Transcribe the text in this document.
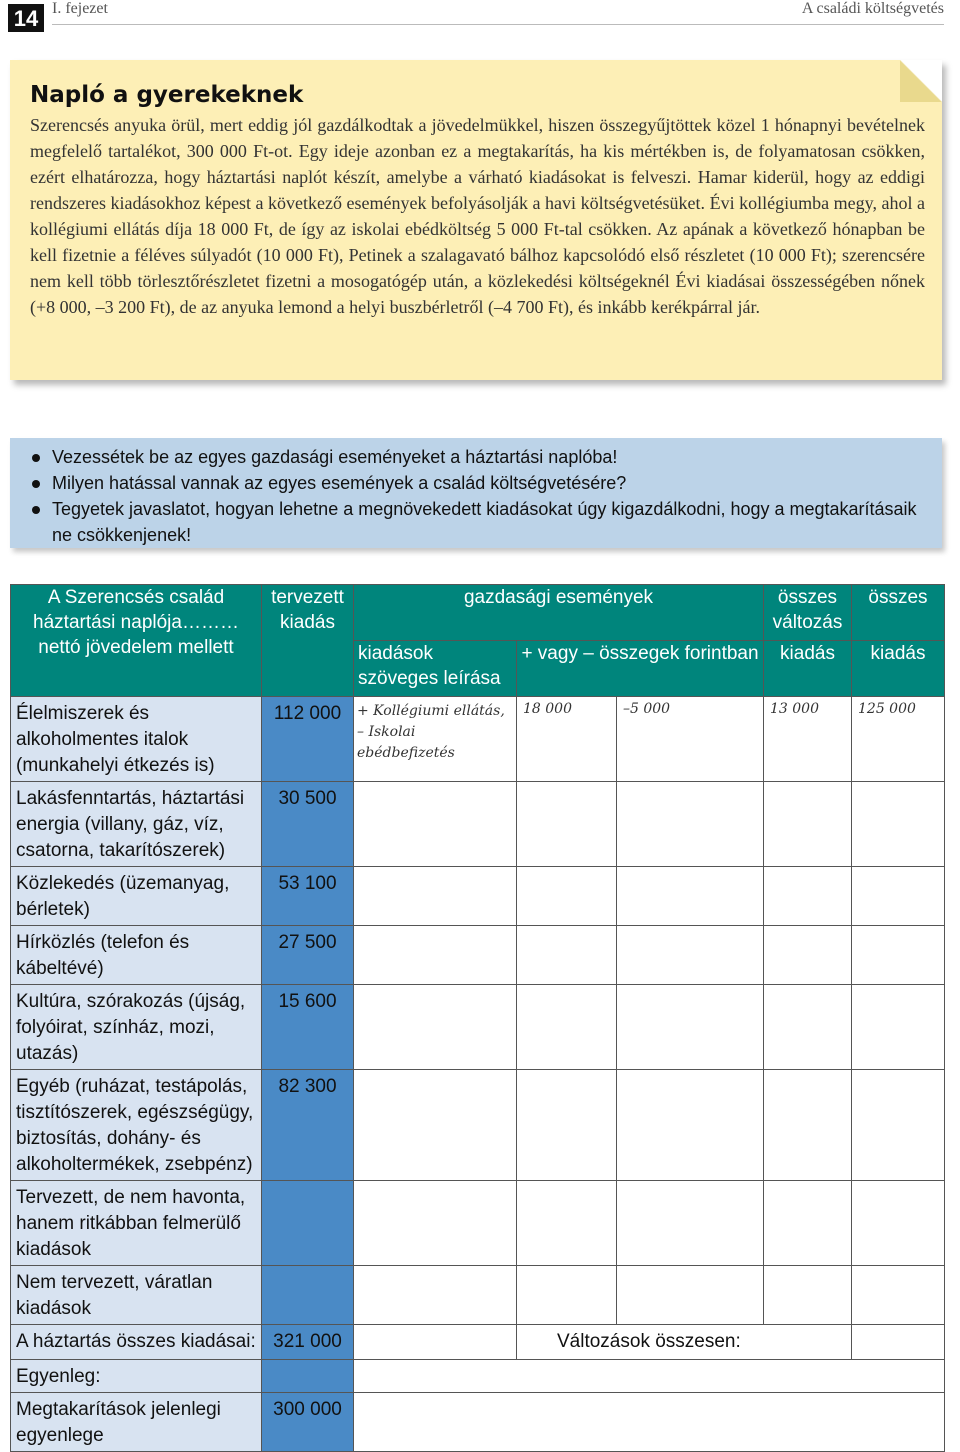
14 I. fejezet	A családi költségvetés
Napló a gyerekeknek
Szerencsés anyuka örül, mert eddig jól gazdálkodtak a jövedelmükkel, hiszen összegyűjtöttek közel 1 hónapnyi bevételnek megfelelő tartalékot, 300 000 Ft-ot. Egy ideje azonban ez a megtakarítás, ha kis mértékben is, de folyamatosan csökken, ezért elhatározza, hogy háztartási naplót készít, amelybe a várható kiadásokat is felveszi. Hamar kiderül, hogy az eddigi rendszeres kiadásokhoz képest a következő események befolyásolják a havi költségvetésüket. Évi kollégiumba megy, ahol a kollégiumi ellátás díja 18 000 Ft, de így az iskolai ebédköltség 5 000 Ft-tal csökken. Az apának a következő hónapban be kell fizetnie a féléves súlyadót (10 000 Ft), Petinek a szalagavató bálhoz kapcsolódó első részletet (10 000 Ft); szerencsére nem kell több törlesztőrészletet fizetni a mosogatógép után, a közlekedési költségeknél Évi kiadásai összességében nőnek (+8 000, –3 200 Ft), de az anyuka lemond a helyi buszbérletről (–4 700 Ft), és inkább kerékpárral jár.
Vezessétek be az egyes gazdasági eseményeket a háztartási naplóba!
Milyen hatással vannak az egyes események a család költségvetésére?
Tegyetek javaslatot, hogyan lehetne a megnövekedett kiadásokat úgy kigazdálkodni, hogy a megtakarításaik ne csökkenjenek!
A Szerencsés család háztartási naplója……… nettó jövedelem mellett	tervezett kiadás	gazdasági események			összes változás	összes
		kiadások szöveges leírása	+ vagy – összegek forintban		kiadás	kiadás
Élelmiszerek és alkoholmentes italok (munkahelyi étkezés is)	112 000	+ Kollégiumi ellátás, – Iskolai ebédbefizetés	18 000	–5 000	13 000	125 000
Lakásfenntartás, háztartási energia (villany, gáz, víz, csatorna, takarítószerek)	30 500					
Közlekedés (üzemanyag, bérletek)	53 100					
Hírközlés (telefon és kábeltévé)	27 500					
Kultúra, szórakozás (újság, folyóirat, színház, mozi, utazás)	15 600					
Egyéb (ruházat, testápolás, tisztítószerek, egészségügy, biztosítás, dohány- és alkoholtermékek, zsebpénz)	82 300					
Tervezett, de nem havonta, hanem ritkábban felmerülő kiadások						
Nem tervezett, váratlan kiadások						
A háztartás összes kiadásai:	321 000		Változások összesen:			
Egyenleg:						
Megtakarítások jelenlegi egyenlege	300 000					
